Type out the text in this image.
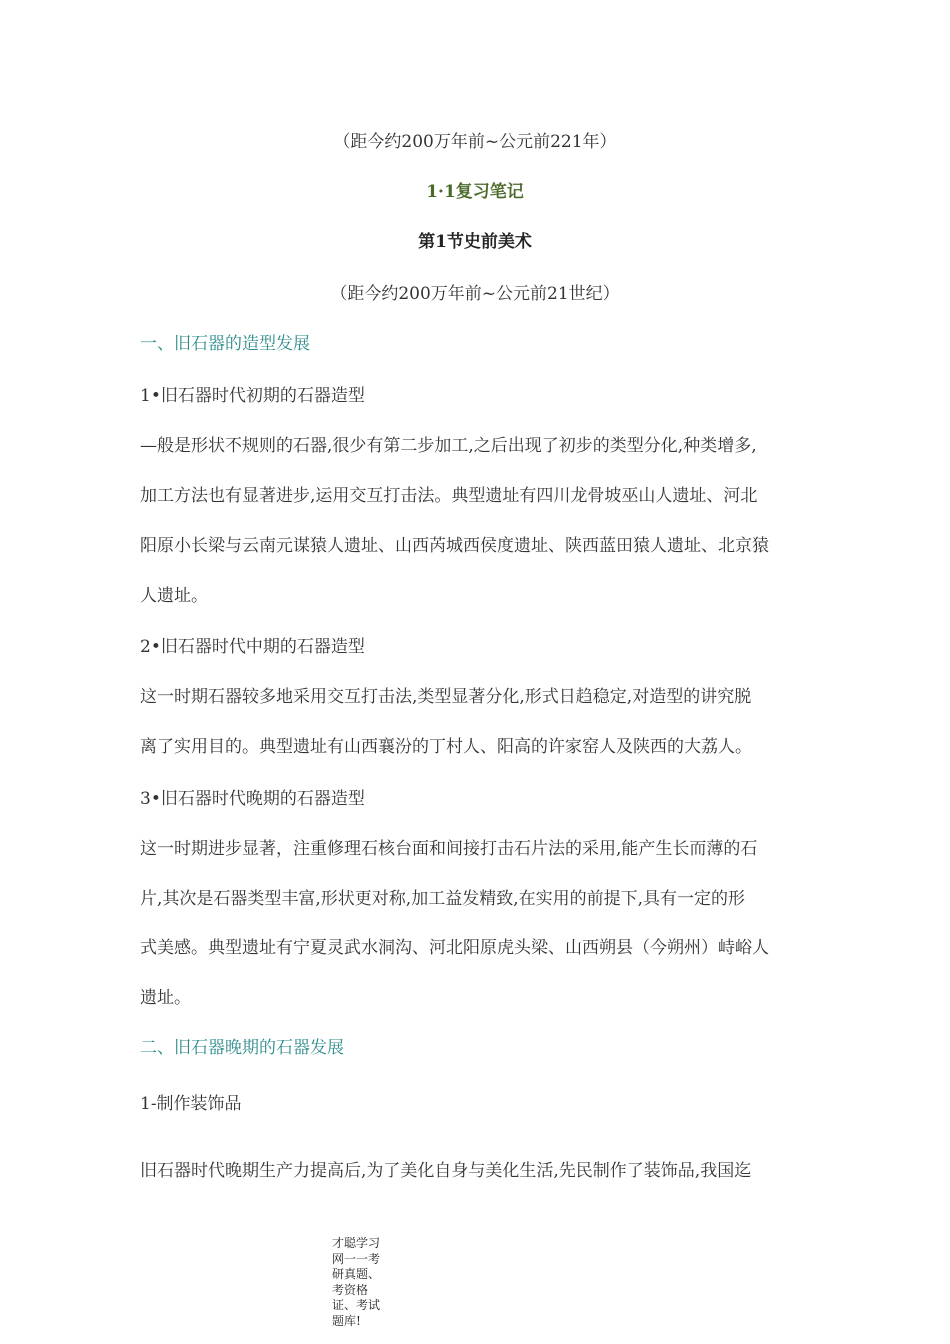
（距今约200万年前~公元前221年）
1·1复习笔记
第1节史前美术
（距今约200万年前~公元前21世纪）
一、旧石器的造型发展
1•旧石器时代初期的石器造型
—般是形状不规则的石器,很少有第二步加工,之后出现了初步的类型分化,种类增多,
加工方法也有显著进步,运用交互打击法。典型遗址有四川龙骨坡巫山人遗址、河北
阳原小长梁与云南元谋猿人遗址、山西芮城西侯度遗址、陕西蓝田猿人遗址、北京猿
人遗址。
2•旧石器时代中期的石器造型
这一时期石器较多地采用交互打击法,类型显著分化,形式日趋稳定,对造型的讲究脱
离了实用目的。典型遗址有山西襄汾的丁村人、阳高的许家窑人及陕西的大荔人。
3•旧石器时代晚期的石器造型
这一时期进步显著，注重修理石核台面和间接打击石片法的采用,能产生长而薄的石
片,其次是石器类型丰富,形状更对称,加工益发精致,在实用的前提下,具有一定的形
式美感。典型遗址有宁夏灵武水洞沟、河北阳原虎头梁、山西朔县（今朔州）峙峪人
遗址。
二、旧石器晚期的石器发展
1-制作装饰品
旧石器时代晚期生产力提高后,为了美化自身与美化生活,先民制作了装饰品,我国迄
才聪学习网一一考研真题、考资格证、考试题库!
